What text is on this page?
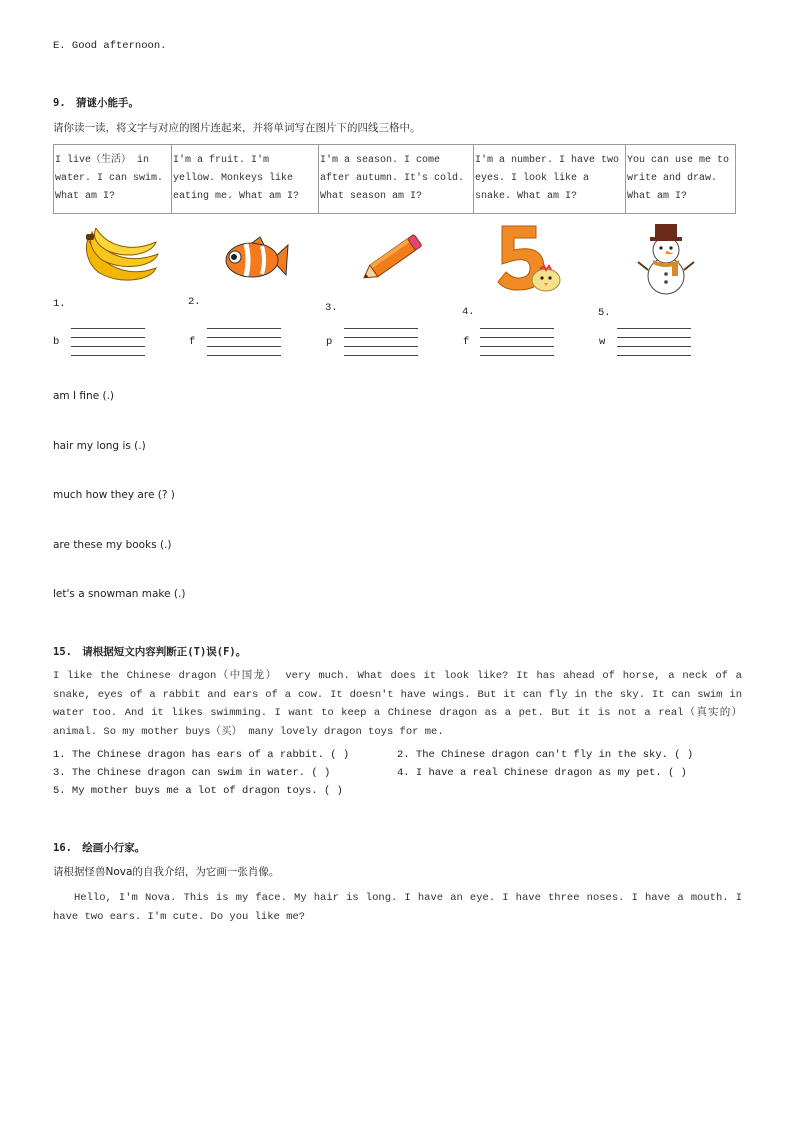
E. Good afternoon.
9. 猜谜小能手。
请你读一读，将文字与对应的图片连起来，并将单词写在图片下的四线三格中。
I live（生活） in water. I can swim. What am I?	I'm a fruit. I'm yellow. Monkeys like eating me. What am I?	I'm a season. I come after autumn. It's cold. What season am I?	I'm a number. I have two eyes. I look like a snake. What am I?	You can use me to write and draw. What am I?
1.	2.	3.	4.	5.
b	f	p	f	w
am I fine (.)
hair my long is (.)
much how they are (? )
are these my books (.)
let's a snowman make (.)
15. 请根据短文内容判断正(T)误(F)。
I like the Chinese dragon（中国龙） very much. What does it look like? It has ahead of horse, a neck of a snake, eyes of a rabbit and ears of a cow. It doesn't have wings. But it can fly in the sky. It can swim in water too. And it likes swimming. I want to keep a Chinese dragon as a pet. But it is not a real（真实的） animal. So my mother buys（买） many lovely dragon toys for me.
1. The Chinese dragon has ears of a rabbit. ( )	2. The Chinese dragon can't fly in the sky. ( )
3. The Chinese dragon can swim in water. ( )	4. I have a real Chinese dragon as my pet. ( )
5. My mother buys me a lot of dragon toys. ( )
16. 绘画小行家。
请根据怪兽Nova的自我介绍，为它画一张肖像。
Hello, I'm Nova. This is my face. My hair is long. I have an eye. I have three noses. I have a mouth. I have two ears. I'm cute. Do you like me?
